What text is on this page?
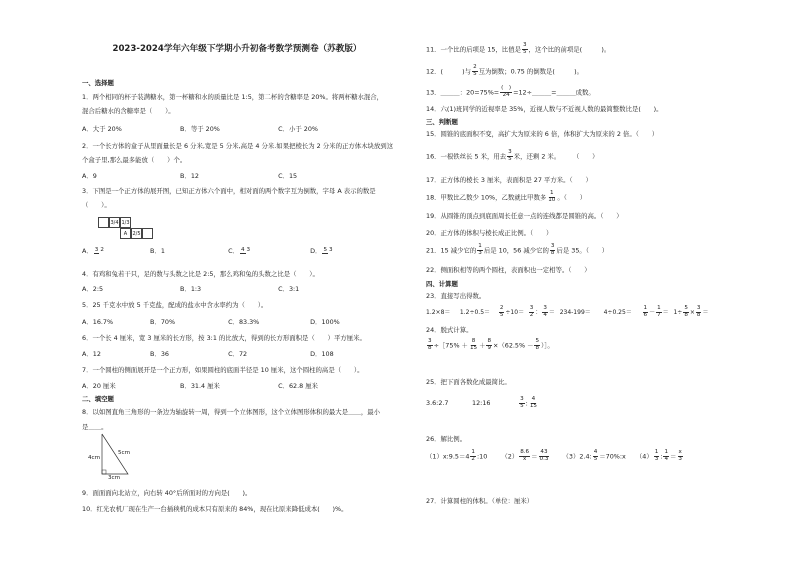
2023-2024学年六年级下学期小升初备考数学预测卷（苏教版）
一、选择题
1．两个相同的杯子装满糖水，第一杯糖和水的质量比是 1:5，第二杯的含糖率是 20%。将两杯糖水混合，
混合后糖水的含糖率是（　　）。
A．大于 20%	B．等于 20%	C．小于 20%
2．一个长方体的盒子从里面量长是 6 分米,宽是 5 分米,高是 4 分米.如果把棱长为 2 分米的正方体木块放到这
个盒子里,那么最多能放（　　）个。
A．9	B．12	C．15
3．下图是一个正方体的展开图，已知正方体六个面中，相对面的两个数字互为倒数，字母 A 表示的数是
（　　）。
3/4 1/3
A	2/5
A． 3 2	B．1	C． 4 3	D． 5 3
4．有鸡和兔若干只，足的数与头数之比是 2:5，那么鸡和兔的头数之比是（　　）。
A．2:5	B．1:3	C．3:1
5．25 千克水中放 5 千克盐，配成的盐水中含水率约为（　　）。
A．16.7%	B．70%	C．83.3%	D．100%
6．一个长 4 厘米，宽 3 厘米的长方形，按 3:1 的比放大，得到的长方形面积是（　　）平方厘米。
A．12	B．36	C．72	D．108
7．一个圆柱的侧面展开是一个正方形，如果圆柱的底面半径是 10 厘米，这个圆柱的高是（　　）。
A．20 厘米	B．31.4 厘米	C．62.8 厘米
二、填空题
8．以如图直角三角形的一条边为轴旋转一周，得到一个立体图形，这个立体图形体积的最大是＿＿，最小
是＿＿。
5cm
4cm
3cm
9．面面面向北站立，向右转 40°后所面对的方向是(　　)。
10．红光农机厂现在生产一台插秧机的成本只有原来的 84%，现在比原来降低成本(　　)%。
11．一个比的后项是 15，比值是 $\frac{3}{5}$ ，这个比的前项是(　　　)。
12．(　　　)与 $\frac{2}{5}$ 互为倒数；0.75 的倒数是(　　　)。
13．＿＿＿：$20=75\%= \frac{( )}{24}$ =12÷＿＿＿=＿＿＿成数。
14．六(1)班同学的近视率是 35%，近视人数与不近视人数的最简整数比是(　　)。
三、判断题
15．圆锥的底面积不变，高扩大为原来的 6 倍，体积扩大为原来的 2 倍。（　　）
16．一根铁丝长 5 米，用去 $\frac{3}{5}$ 米，还剩 2 米。　　　（　　）
17．正方体的棱长 3 厘米，表面积是 27 平方米。（　　）
18．甲数比乙数少 10%，乙数就比甲数多 $\frac{1}{10}$ 。（　　）
19．从圆锥的顶点到底面周长任意一点的连线都是圆锥的高。（　　）
20．正方体的体积与棱长成正比例。（　　）
21．15 减少它的 $\frac{1}{3}$ 后是 10，56 减少它的 $\frac{3}{8}$ 后是 35。（　　）
22．侧面积相等的两个圆柱，表面积也一定相等。（　　）
四、计算题
23．直接写出得数。
$1.2\times 8= 1.2\div 0.5= \frac{2}{5} \div 10= \frac{3}{2}$ ： $\frac{3}{4} = 234-199= 4\div 0.25= \frac{1}{6} - \frac{1}{7} = 1\div \frac{5}{8} \times \frac{3}{8}$ ＝
24．脱式计算。
$\frac{3}{8}$ ÷［75% ＋ $\frac{8}{15} + \frac{8}{9} \times(62.5\% - \frac{5}{8}$ ）］。
25．把下面各数化成最简比。
3.6:2.7	12:16	$\frac{3}{5}$ : $\frac{4}{15}$
26．解比例。
（1）x:9.5＝4 $\frac{1}{2}$ :10 $(2) \frac{8.6}{x} = \frac{43}{0.3} (3)2.4$: $\frac{4}{5}$ ＝70%:x $(4) \frac{1}{3}$ : $\frac{1}{4} = \frac{x}{3}$
27．计算圆柱的体积。（单位：厘米）
